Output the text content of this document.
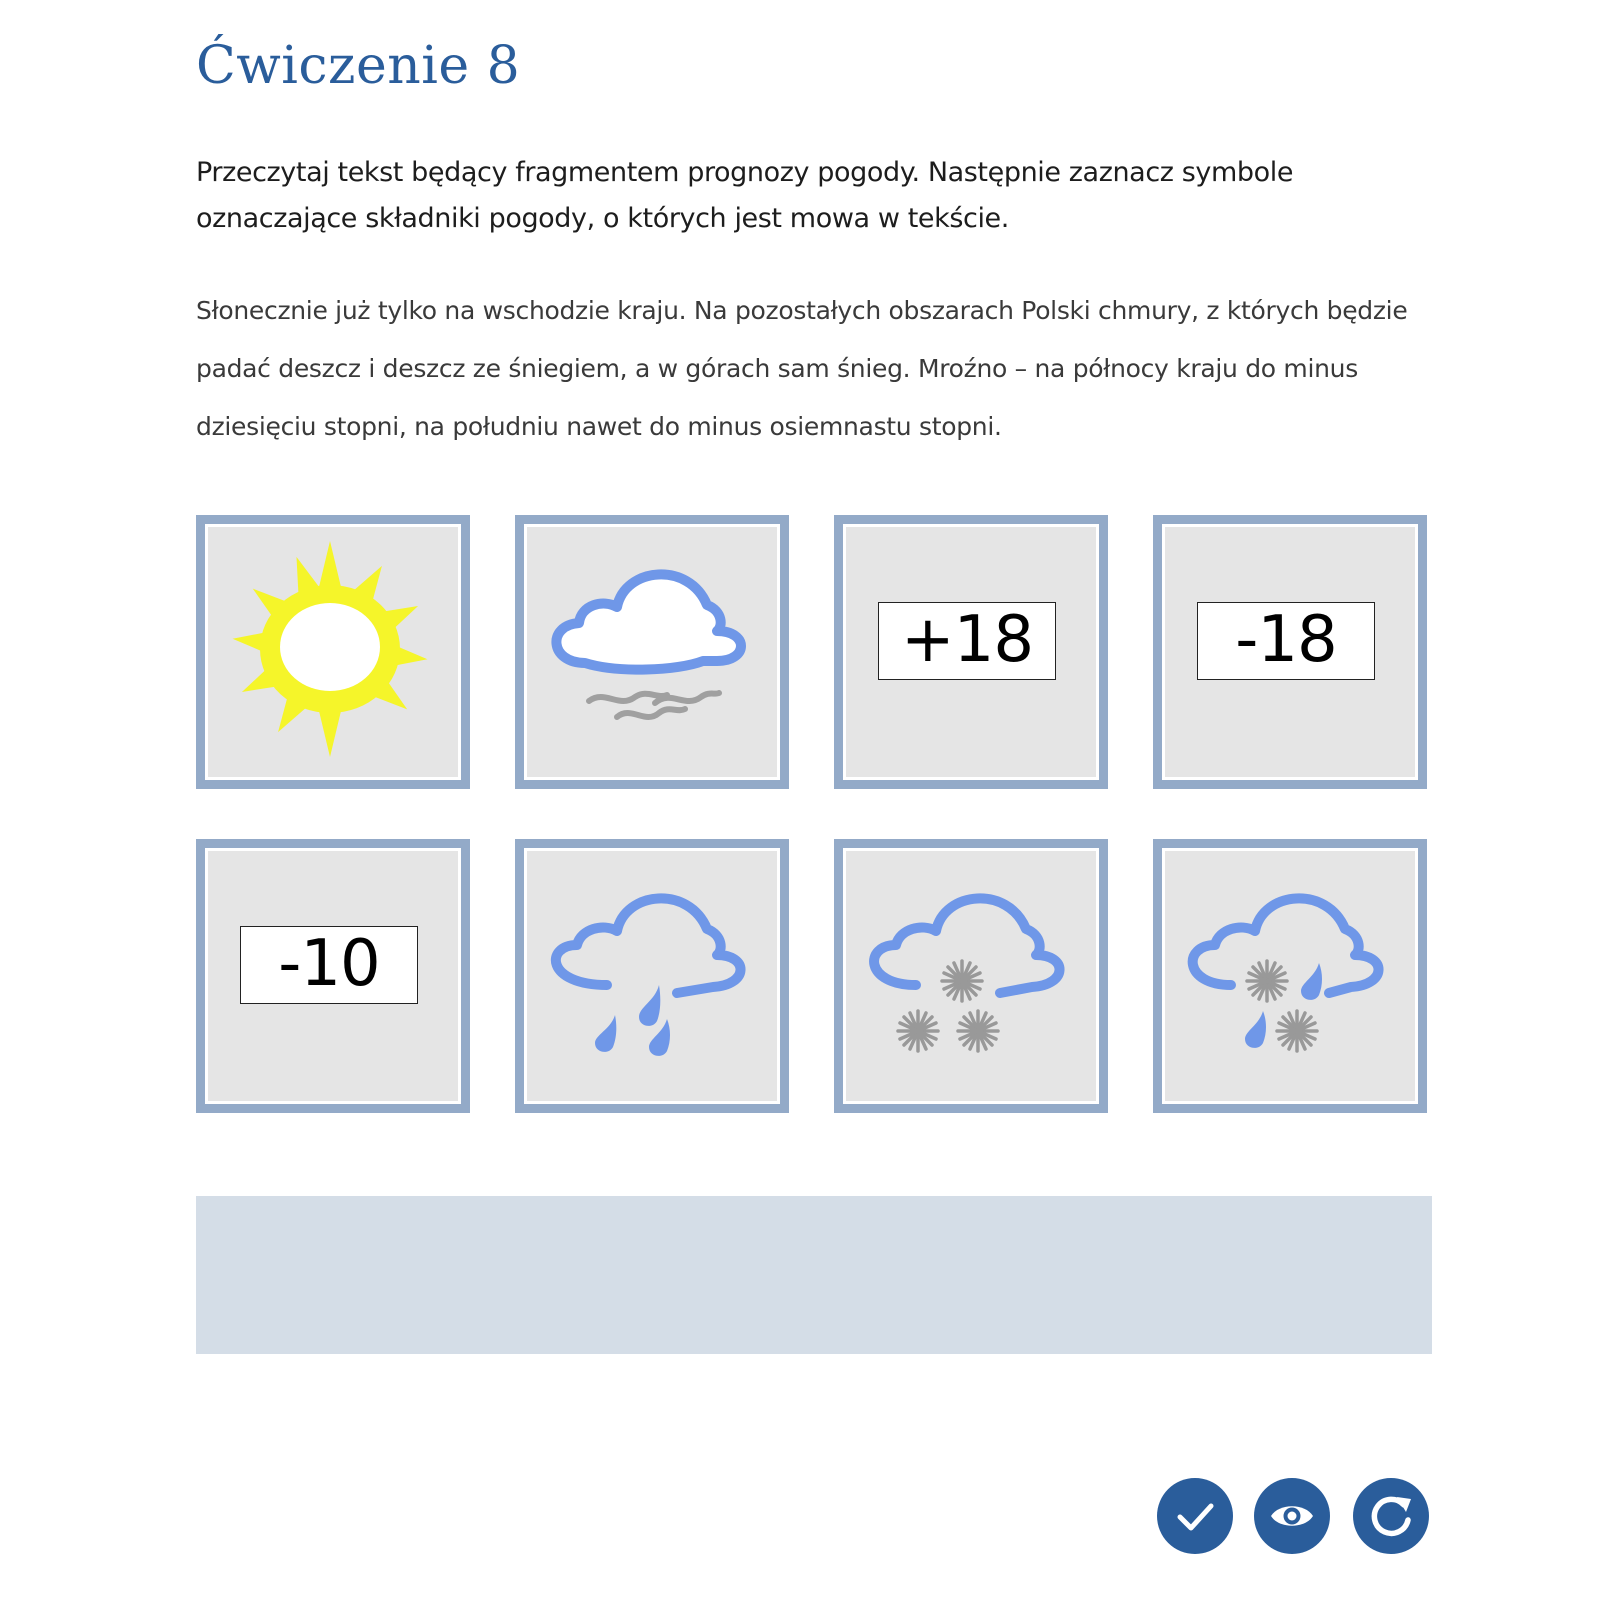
Ćwiczenie 8

Przeczytaj tekst będący fragmentem prognozy pogody. Następnie zaznacz symbole oznaczające składniki pogody, o których jest mowa w tekście.

Słonecznie już tylko na wschodzie kraju. Na pozostałych obszarach Polski chmury, z których będzie padać deszcz i deszcz ze śniegiem, a w górach sam śnieg. Mroźno – na północy kraju do minus dziesięciu stopni, na południu nawet do minus osiemnastu stopni.

+18	-18
-10
